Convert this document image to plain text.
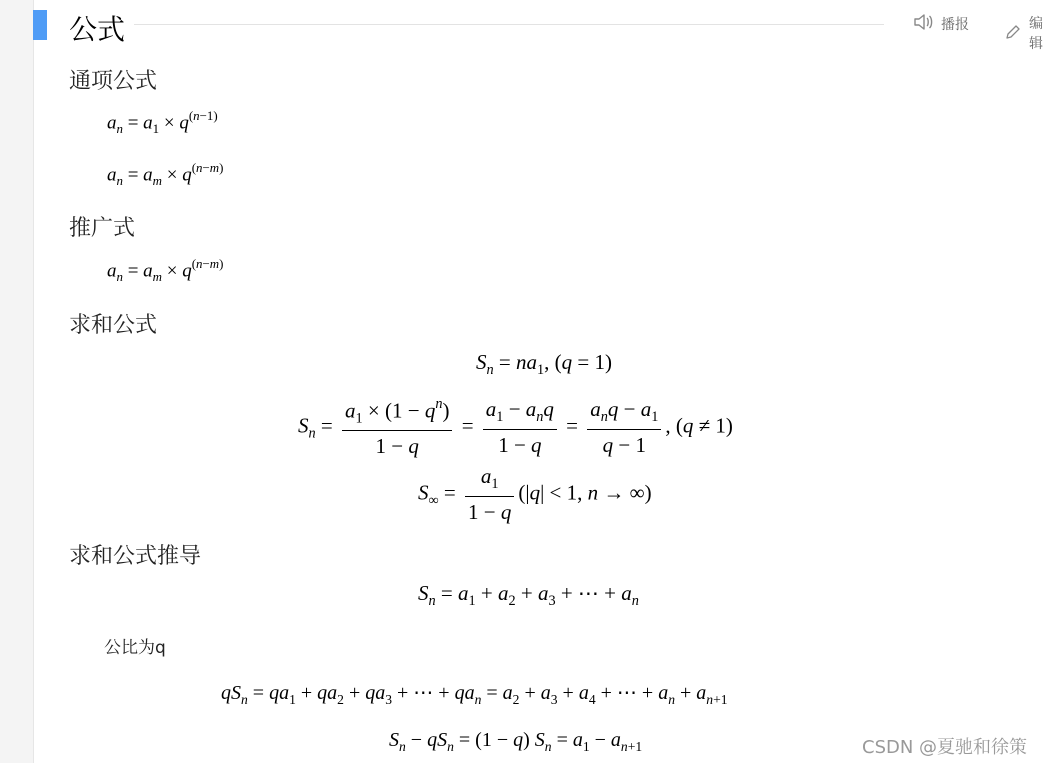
公式	播报	编辑
通项公式
$a_n = a_1 \times q^{(n-1)}$
$a_n = a_m \times q^{(n-m)}$
推广式
$a_n = a_m \times q^{(n-m)}$
求和公式
$S_n = na_1$, (q = 1)
$S_n = \frac{a_1 \times (1 - q^n)}{1 - q} = \frac{a_1 - a_nq}{1 - q} = \frac{a_nq - a_1}{q - 1}$ , (q ≠ 1)
$S_\infty = \frac{a_1}{1 - q} (|q| < 1$, n → ∞)
求和公式推导
$S_n = a_1 + a_2 + a_3$ + ⋯ + $a_n$
公比为q
$qS_n = qa_1 + qa_2 + qa_3$ + ⋯ + $qa_n = a_2 + a_3 + a_4$ + ⋯ + $a_n + a_{n+1}$
$S_n - qS_n = (1 - q) S_n = a_1 - a_{n+1}$	CSDN @夏驰和徐策
